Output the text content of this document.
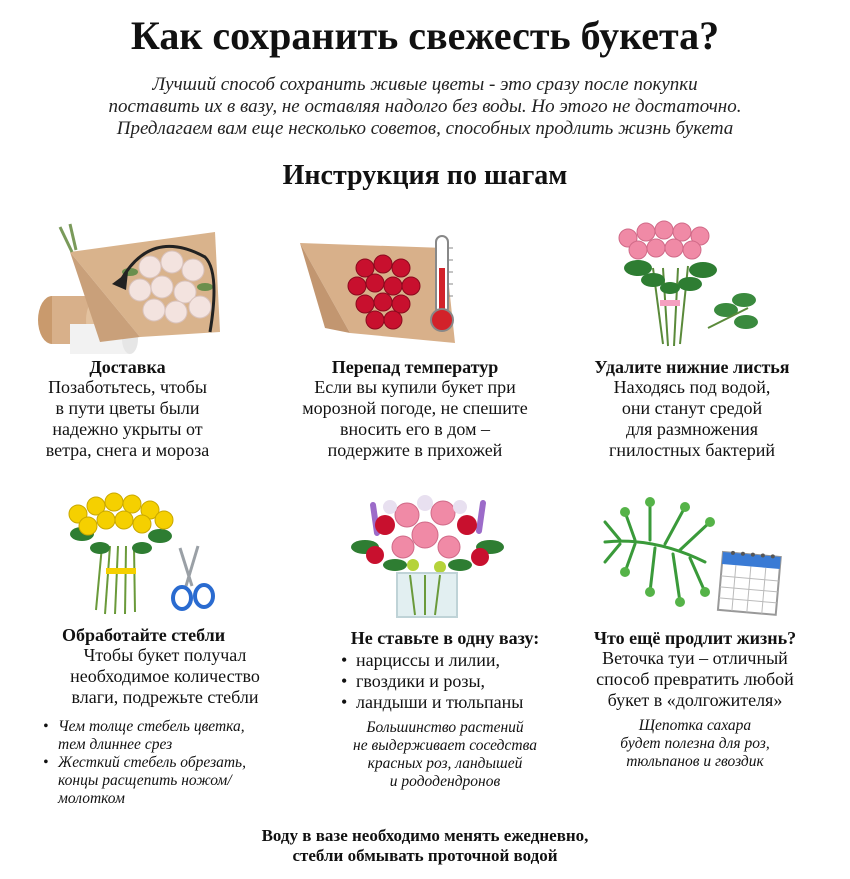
Как сохранить свежесть букета?
Лучший способ сохранить живые цветы - это сразу после покупки
поставить их в вазу, не оставляя надолго без воды. Но этого не достаточно.
Предлагаем вам еще несколько советов, способных продлить жизнь букета
Инструкция по шагам
Доставка
Позаботьтесь, чтобы
в пути цветы были
надежно укрыты от
ветра, снега и мороза
Перепад температур
Если вы купили букет при
морозной погоде, не спешите
вносить его в дом –
подержите в прихожей
Удалите нижние листья
Находясь под водой,
они станут средой
для размножения
гнилостных бактерий
Обработайте стебли
Чтобы букет получал
необходимое количество
влаги, подрежьте стебли
• Чем толще стебель цветка,
тем длиннее срез
• Жесткий стебель обрезать,
концы расщепить ножом/
молотком
Не ставьте в одну вазу:
• нарциссы и лилии,
• гвоздики и розы,
• ландыши и тюльпаны
Большинство растений
не выдерживает соседства
красных роз, ландышей
и рододендронов
Что ещё продлит жизнь?
Веточка туи – отличный
способ превратить любой
букет в «долгожителя»
Щепотка сахара
будет полезна для роз,
тюльпанов и гвоздик
Воду в вазе необходимо менять ежедневно,
стебли обмывать проточной водой
